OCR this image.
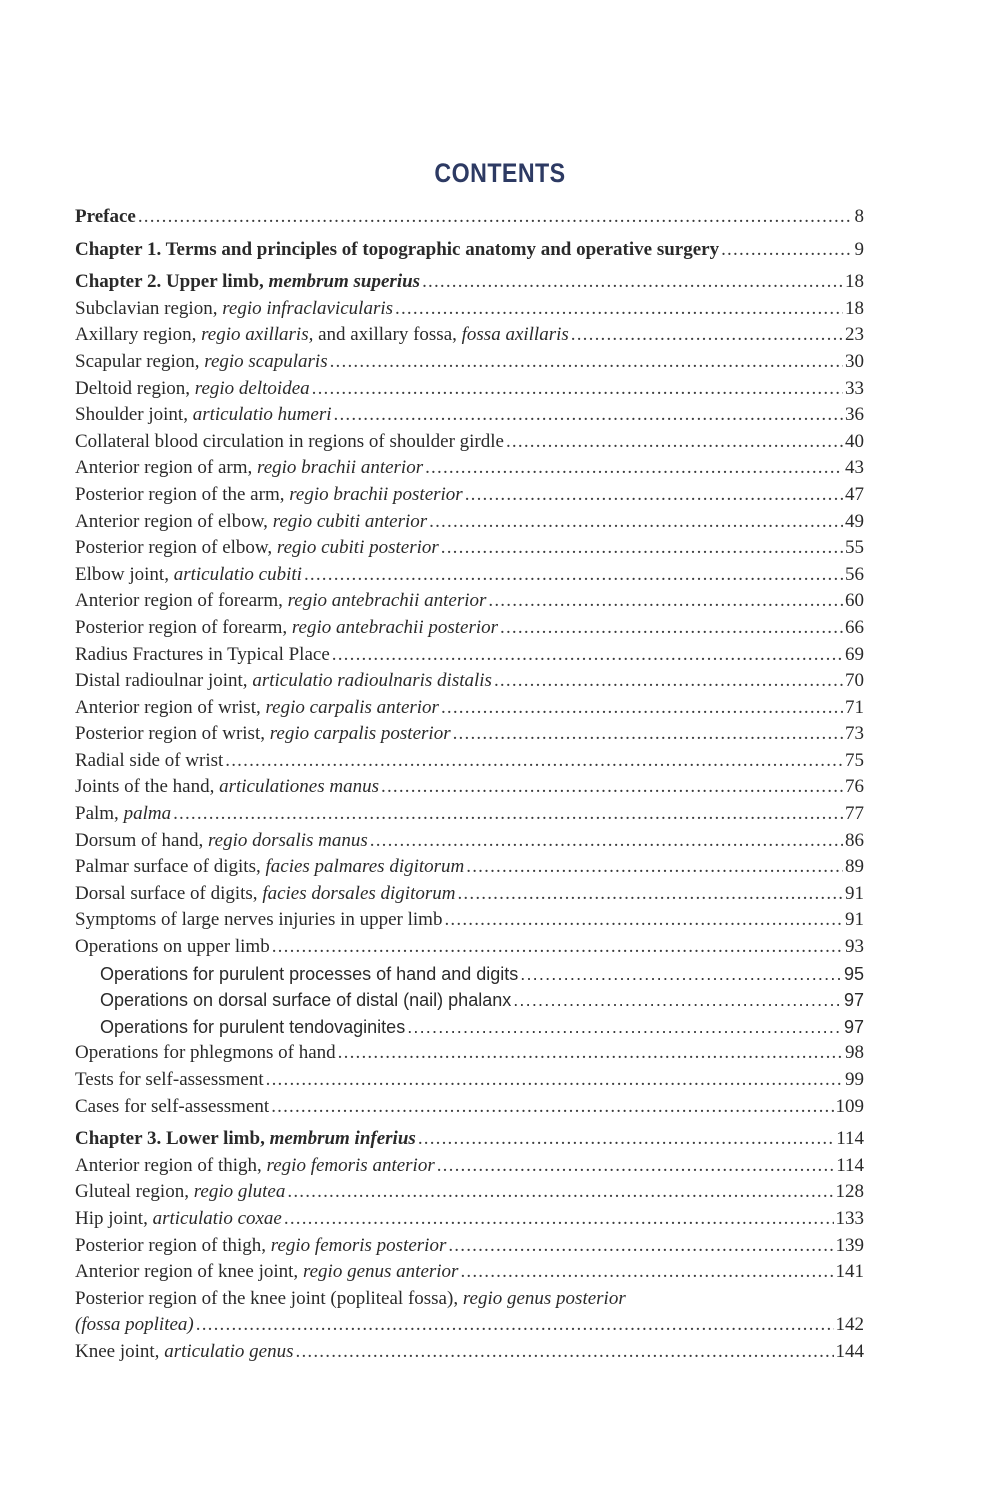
CONTENTS
Preface .....	8
Chapter 1. Terms and principles of topographic anatomy and operative surgery .....	9
Chapter 2. Upper limb, membrum superius .....	18
Subclavian region, regio infraclavicularis .....	18
Axillary region, regio axillaris, and axillary fossa, fossa axillaris .....	23
Scapular region, regio scapularis .....	30
Deltoid region, regio deltoidea .....	33
Shoulder joint, articulatio humeri .....	36
Collateral blood circulation in regions of shoulder girdle .....	40
Anterior region of arm, regio brachii anterior .....	43
Posterior region of the arm, regio brachii posterior .....	47
Anterior region of elbow, regio cubiti anterior .....	49
Posterior region of elbow, regio cubiti posterior .....	55
Elbow joint, articulatio cubiti .....	56
Anterior region of forearm, regio antebrachii anterior .....	60
Posterior region of forearm, regio antebrachii posterior .....	66
Radius Fractures in Typical Place .....	69
Distal radioulnar joint, articulatio radioulnaris distalis .....	70
Anterior region of wrist, regio carpalis anterior .....	71
Posterior region of wrist, regio carpalis posterior .....	73
Radial side of wrist .....	75
Joints of the hand, articulationes manus .....	76
Palm, palma .....	77
Dorsum of hand, regio dorsalis manus .....	86
Palmar surface of digits, facies palmares digitorum .....	89
Dorsal surface of digits, facies dorsales digitorum .....	91
Symptoms of large nerves injuries in upper limb .....	91
Operations on upper limb .....	93
Operations for purulent processes of hand and digits .....	95
Operations on dorsal surface of distal (nail) phalanx .....	97
Operations for purulent tendovaginites .....	97
Operations for phlegmons of hand .....	98
Tests for self-assessment .....	99
Cases for self-assessment .....	109
Chapter 3. Lower limb, membrum inferius .....	114
Anterior region of thigh, regio femoris anterior .....	114
Gluteal region, regio glutea .....	128
Hip joint, articulatio coxae .....	133
Posterior region of thigh, regio femoris posterior .....	139
Anterior region of knee joint, regio genus anterior .....	141
Posterior region of the knee joint (popliteal fossa), regio genus posterior
(fossa poplitea) .....	142
Knee joint, articulatio genus .....	144
